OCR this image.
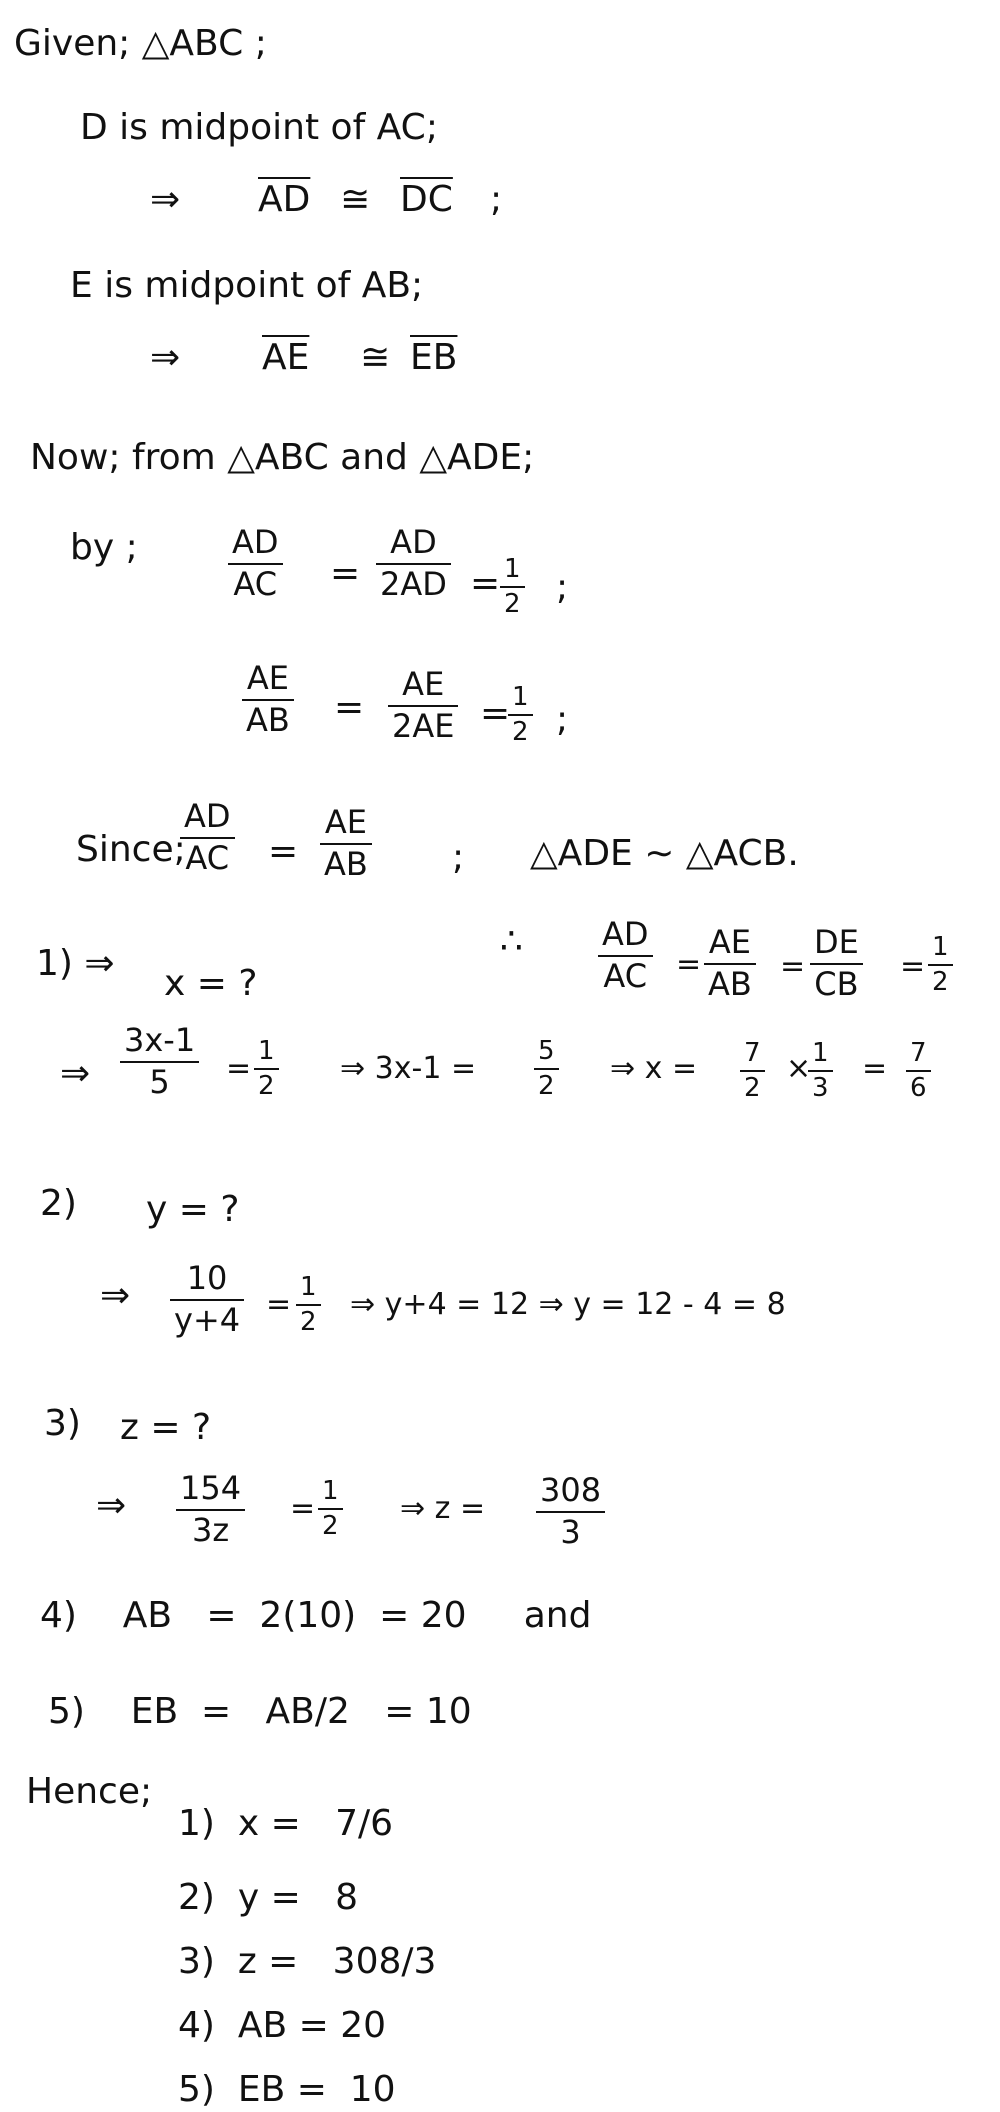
Given; △ABC ;
D is midpoint of AC;
⇒ $\overline{AD}$ ≅ $\overline{DC}$ ;
E is midpoint of AB;
⇒ $\overline{AE}$ ≅ $\overline{EB}$
Now; from △ABC and △ADE;
by ;	AD
AC =
AD
2AD = 1
2 ;
AE
AB =
AE
2AE = 1
2 ;
Since;
AD
AC =
AE
AB ; △ADE ∼ △ACB.
∴ AD
AC =
AE
AB =
DE
CB =
1
2
1) ⇒ x = ?
⇒
3x-1
5 = 1
2
⇒ 3x-1 = 5
2
⇒ x = 7
2
× 1
3
= 7
6
2) y = ?
⇒ 10
y+4 = 1
2
⇒ y+4 = 12 ⇒ y = 12 - 4 = 8
3) z = ?
⇒ 154
3z
= 1
2
⇒ z = 308
3
4)    AB   =  2(10)  = 20     and
5)    EB  =   AB/2   = 10
Hence;
1)  x =   7/6
2)  y =   8
3)  z =   308/3
4)  AB = 20
5)  EB =  10
